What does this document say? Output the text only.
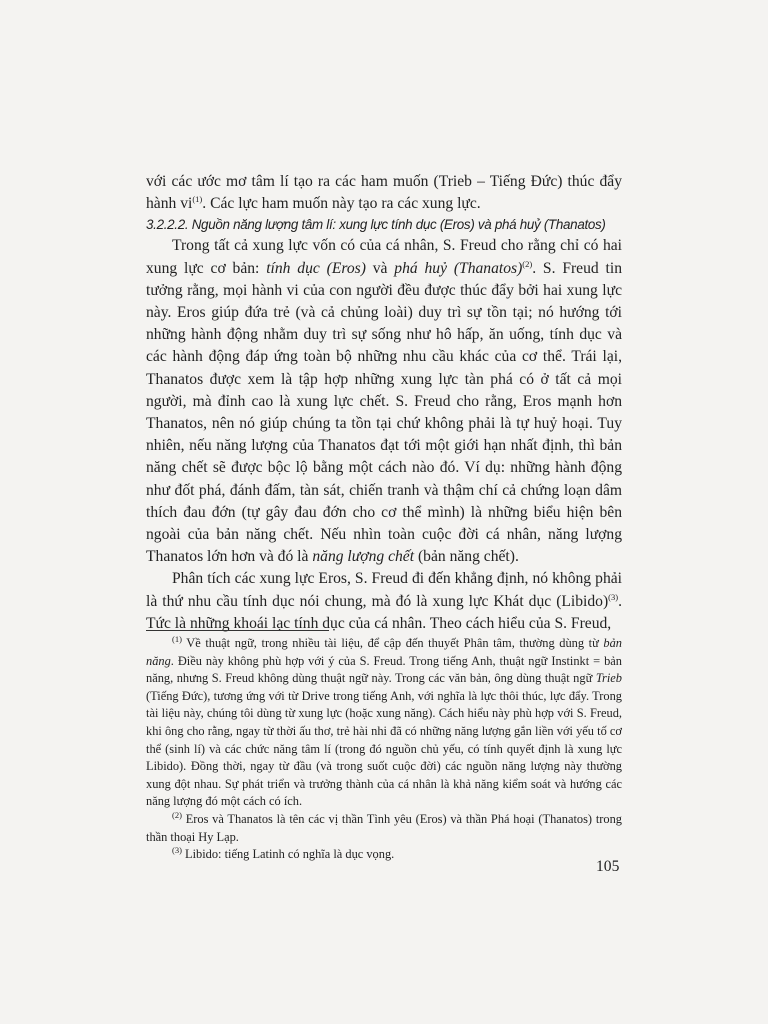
với các ước mơ tâm lí tạo ra các ham muốn (Trieb – Tiếng Đức) thúc đẩy hành $vi^{(1)}$. Các lực ham muốn này tạo ra các xung lực.

3.2.2.2. Nguồn năng lượng tâm lí: xung lực tính dục (Eros) và phá huỷ (Thanatos)

Trong tất cả xung lực vốn có của cá nhân, S. Freud cho rằng chỉ có hai xung lực cơ bản: tính dục (Eros) và phá huỷ (Thanatos)$^{(2)}$. S. Freud tin tưởng rằng, mọi hành vi của con người đều được thúc đẩy bởi hai xung lực này. Eros giúp đứa trẻ (và cả chủng loài) duy trì sự tồn tại; nó hướng tới những hành động nhằm duy trì sự sống như hô hấp, ăn uống, tính dục và các hành động đáp ứng toàn bộ những nhu cầu khác của cơ thể. Trái lại, Thanatos được xem là tập hợp những xung lực tàn phá có ở tất cả mọi người, mà đỉnh cao là xung lực chết. S. Freud cho rằng, Eros mạnh hơn Thanatos, nên nó giúp chúng ta tồn tại chứ không phải là tự huỷ hoại. Tuy nhiên, nếu năng lượng của Thanatos đạt tới một giới hạn nhất định, thì bản năng chết sẽ được bộc lộ bằng một cách nào đó. Ví dụ: những hành động như đốt phá, đánh đấm, tàn sát, chiến tranh và thậm chí cả chứng loạn dâm thích đau đớn (tự gây đau đớn cho cơ thể mình) là những biểu hiện bên ngoài của bản năng chết. Nếu nhìn toàn cuộc đời cá nhân, năng lượng Thanatos lớn hơn và đó là năng lượng chết (bản năng chết).

Phân tích các xung lực Eros, S. Freud đi đến khẳng định, nó không phải là thứ nhu cầu tính dục nói chung, mà đó là xung lực Khát dục (Libido)$^{(3)}$. Tức là những khoái lạc tính dục của cá nhân. Theo cách hiểu của S. Freud,

$^{(1)}$ Về thuật ngữ, trong nhiều tài liệu, để cập đến thuyết Phân tâm, thường dùng từ bản năng. Điều này không phù hợp với ý của S. Freud. Trong tiếng Anh, thuật ngữ Instinkt = bản năng, nhưng S. Freud không dùng thuật ngữ này. Trong các văn bản, ông dùng thuật ngữ Trieb (Tiếng Đức), tương ứng với từ Drive trong tiếng Anh, với nghĩa là lực thôi thúc, lực đẩy. Trong tài liệu này, chúng tôi dùng từ xung lực (hoặc xung năng). Cách hiểu này phù hợp với S. Freud, khi ông cho rằng, ngay từ thời ấu thơ, trẻ hài nhi đã có những năng lượng gắn liền với yếu tố cơ thể (sinh lí) và các chức năng tâm lí (trong đó nguồn chủ yếu, có tính quyết định là xung lực Libido). Đồng thời, ngay từ đầu (và trong suốt cuộc đời) các nguồn năng lượng này thường xung đột nhau. Sự phát triển và trưởng thành của cá nhân là khả năng kiểm soát và hướng các năng lượng đó một cách có ích.

$^{(2)}$ Eros và Thanatos là tên các vị thần Tình yêu (Eros) và thần Phá hoại (Thanatos) trong thần thoại Hy Lạp.

$^{(3)}$ Libido: tiếng Latinh có nghĩa là dục vọng.

105
